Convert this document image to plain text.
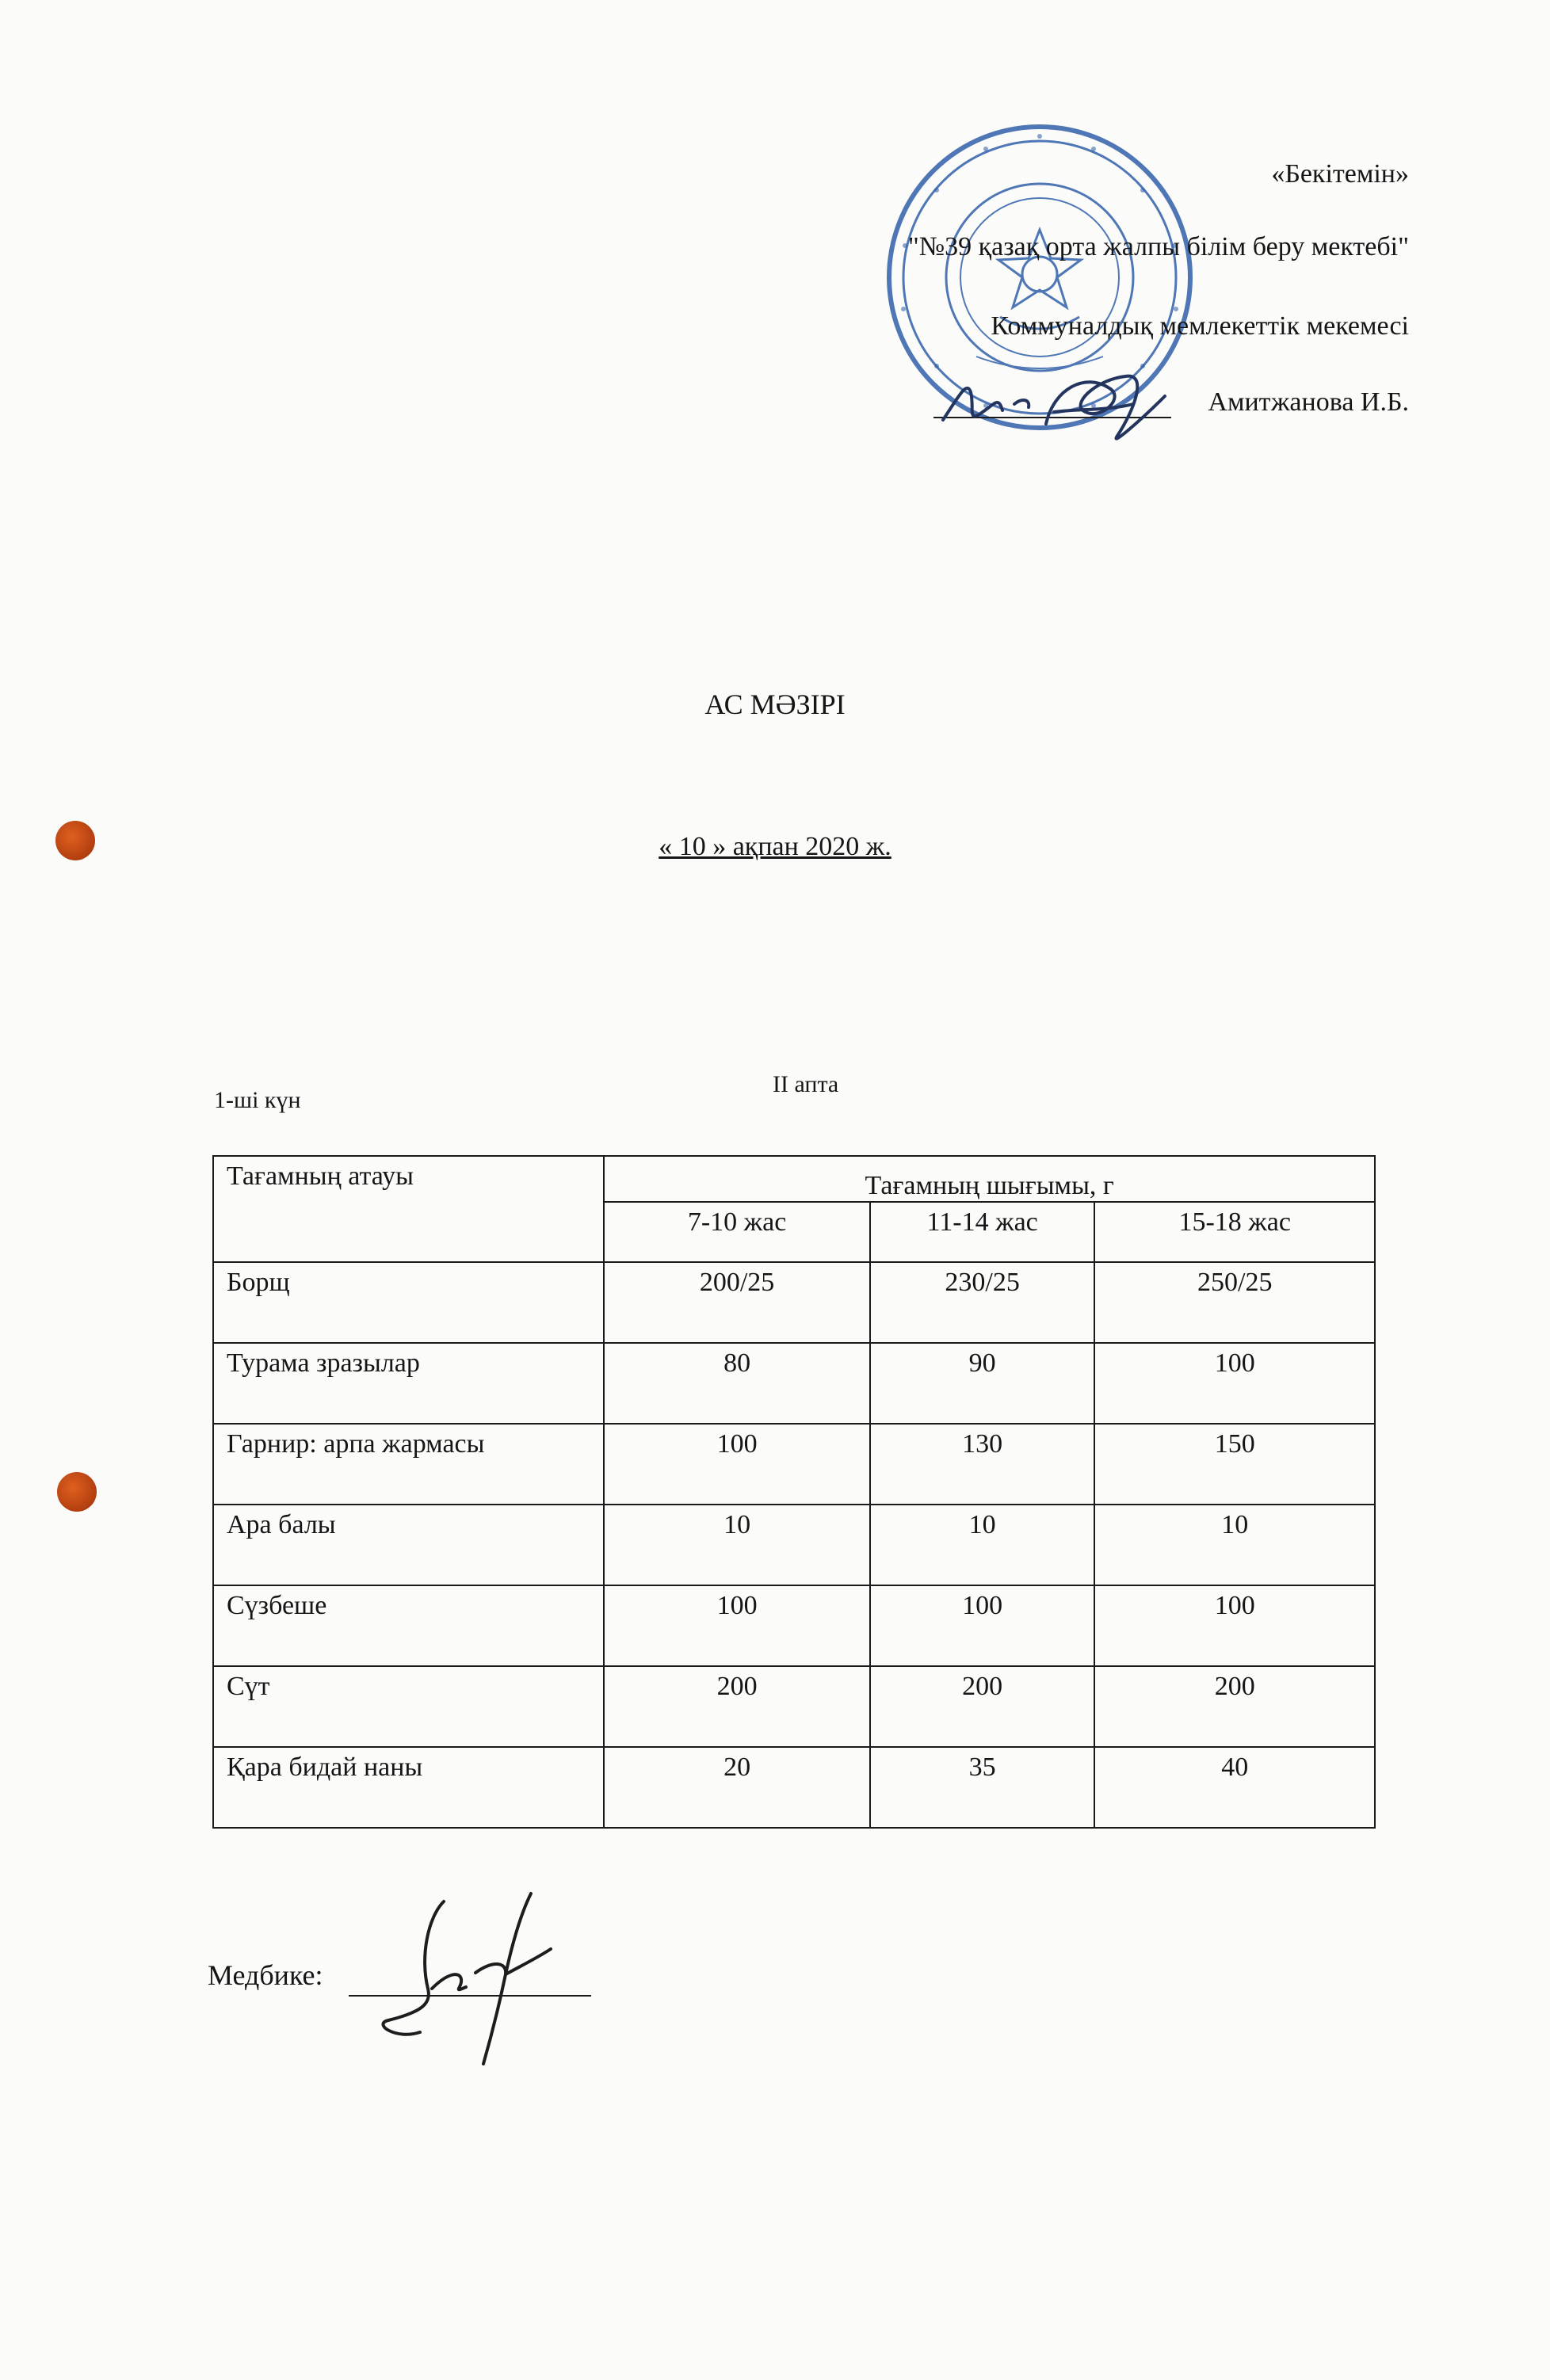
«Бекітемін»
"№39 қазақ орта жалпы білім беру мектебі"
Коммуналдық мемлекеттік мекемесі
Амитжанова И.Б.
АС МӘЗІРІ
« 10 » ақпан 2020 ж.
II апта
1-ші күн
Тағамның атауы	Тағамның шығымы, г		
	7-10 жас	11-14 жас	15-18 жас
Борщ	200/25	230/25	250/25
Турама зразылар	80	90	100
Гарнир: арпа жармасы	100	130	150
Ара балы	10	10	10
Сүзбеше	100	100	100
Сүт	200	200	200
Қара бидай наны	20	35	40
Медбике:
